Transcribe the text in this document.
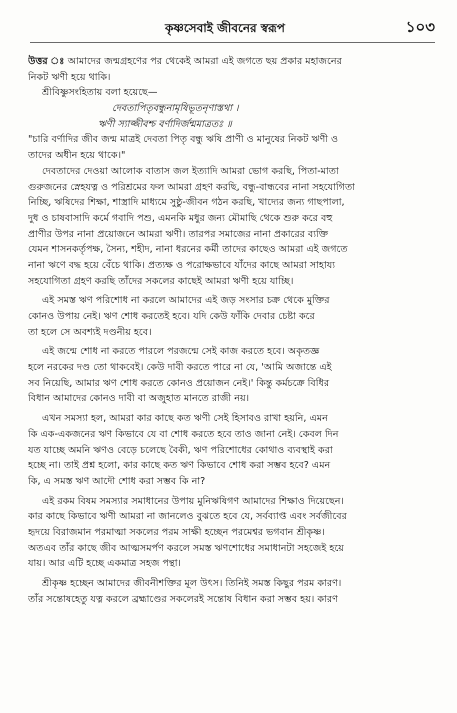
কৃষ্ণসেবাই জীবনের স্বরূপ	১০৩
উত্তর ঃ আমাদের জন্মগ্রহণের পর থেকেই আমরা এই জগতে ছয় প্রকার মহাজনের
নিকট ঋণী হয়ে থাকি।
শ্রীবিষ্ণুসংহিতায় বলা হয়েছে—
দেবতাপিতৃবন্ধুনামৃষিভূতনৃণাস্তথা ।
ঋণী স্যাজ্জীবশ্চ বর্ণাদির্জন্মমাত্রতঃ ॥
"চারি বর্ণাদির জীব জন্ম মাত্রই দেবতা পিতৃ বন্ধু ঋষি প্রাণী ও মানুষের নিকট ঋণী ও
তাদের অধীন হয়ে থাকে।"
দেবতাদের দেওয়া আলোক বাতাস জল ইত্যাদি আমরা ভোগ করছি, পিতা-মাতা
গুরুজনের স্নেহযত্ন ও পরিশ্রমের ফল আমরা গ্রহণ করছি, বন্ধু-বান্ধবের নানা সহযোগিতা
নিচ্ছি, ঋষিদের শিক্ষা, শাস্ত্রাদি মাধ্যমে সুষ্ঠু-জীবন গঠন করছি, খাদ্যের জন্য গাছপালা,
দুধ ও চাষবাসাদি কর্মে গবাদি পশু, এমনকি মধুর জন্য মৌমাছি থেকে শুরু করে বহু
প্রাণীর উপর নানা প্রয়োজনে আমরা ঋণী। তারপর সমাজের নানা প্রকারের ব্যক্তি
যেমন শাসনকর্তৃপক্ষ, সৈন্য, শহীদ, নানা ধরনের কর্মী তাদের কাছেও আমরা এই জগতে
নানা ঋণে বদ্ধ হয়ে বেঁচে থাকি। প্রত্যক্ষ ও পরোক্ষভাবে যাঁদের কাছে আমরা সাহায্য
সহযোগিতা গ্রহণ করছি তাঁদের সকলের কাছেই আমরা ঋণী হয়ে যাচ্ছি।
এই সমস্ত ঋণ পরিশোধ না করলে আমাদের এই জড় সংসার চক্র থেকে মুক্তির
কোনও উপায় নেই। ঋণ শোধ করতেই হবে। যদি কেউ ফাঁকি দেবার চেষ্টা করে
তা হলে সে অবশ্যই দণ্ডনীয় হবে।
এই জন্মে শোধ না করতে পারলে পরজন্মে সেই কাজ করতে হবে। অকৃতজ্ঞ
হলে নরকের দণ্ড তো থাকবেই। কেউ দাবী করতে পারে না যে, 'আমি অজান্তে এই
সব নিয়েছি, আমার ঋণ শোধ করতে কোনও প্রয়োজন নেই।' কিন্তু কর্মচক্রে বিধির
বিধান আমাদের কোনও দাবী বা অজুহাত মানতে রাজী নয়।
এখন সমস্যা হল, আমরা কার কাছে কত ঋণী সেই হিসাবও রাখা হয়নি, এমন
কি এক-একজনের ঋণ কিভাবে যে বা শোধ করতে হবে তাও জানা নেই। কেবল দিন
যত যাচ্ছে অমনি ঋণও বেড়ে চলেছে বৈকী, ঋণ পরিশোধের কোথাও ব্যবস্থাই করা
হচ্ছে না। তাই প্রশ্ন হলো, কার কাছে কত ঋণ কিভাবে শোধ করা সম্ভব হবে? এমন
কি, এ সমস্ত ঋণ আদৌ শোধ করা সম্ভব কি না?
এই রকম বিষম সমস্যার সমাধানের উপায় মুনিঋষিগণ আমাদের শিক্ষাও দিয়েছেন।
কার কাছে কিভাবে ঋণী আমরা না জানলেও বুঝতে হবে যে, সর্বব্যাপ্ত এবং সর্বজীবের
হৃদয়ে বিরাজমান পরমাত্মা সকলের পরম সাক্ষী হচ্ছেন পরমেশ্বর ভগবান শ্রীকৃষ্ণ।
অতএব তাঁর কাছে জীব আত্মসমর্পণ করলে সমস্ত ঋণশোধের সমাধানটা সহজেই হয়ে
যায়। আর এটি হচ্ছে একমাত্র সহজ পন্থা।
শ্রীকৃষ্ণ হচ্ছেন আমাদের জীবনীশক্তির মূল উৎস। তিনিই সমস্ত কিছুর পরম কারণ।
তাঁর সন্তোষহেতু যত্ন করলে ব্রহ্মাণ্ডের সকলেরই সন্তোষ বিধান করা সম্ভব হয়। কারণ
